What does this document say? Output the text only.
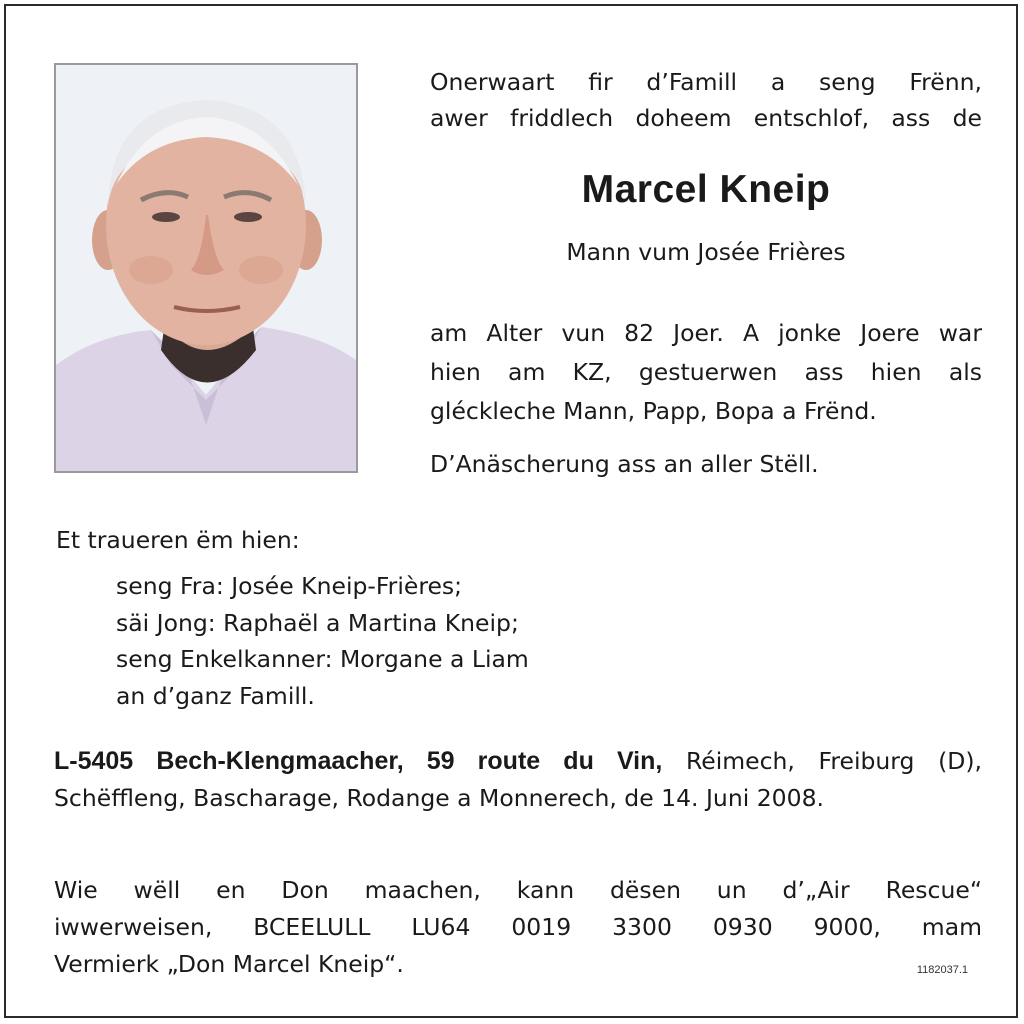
Onerwaart fir d’Famill a seng Frënn,
awer friddlech doheem entschlof, ass de
Marcel Kneip
Mann vum Josée Frières
am Alter vun 82 Joer. A jonke Joere war
hien am KZ, gestuerwen ass hien als
gléckleche Mann, Papp, Bopa a Frënd.
D’Anäscherung ass an aller Stëll.
Et traueren ëm hien:
seng Fra: Josée Kneip-Frières;
säi Jong: Raphaël a Martina Kneip;
seng Enkelkanner: Morgane a Liam
an d’ganz Famill.
L-5405 Bech-Klengmaacher, 59 route du Vin, Réimech, Freiburg (D), Schëffleng, Bascharage, Rodange a Monnerech, de 14. Juni 2008.
Wie wëll en Don maachen, kann dësen un d’„Air Rescue“
iwwerweisen, BCEELULL LU64 0019 3300 0930 9000, mam
Vermierk „Don Marcel Kneip“.	1182037.1
